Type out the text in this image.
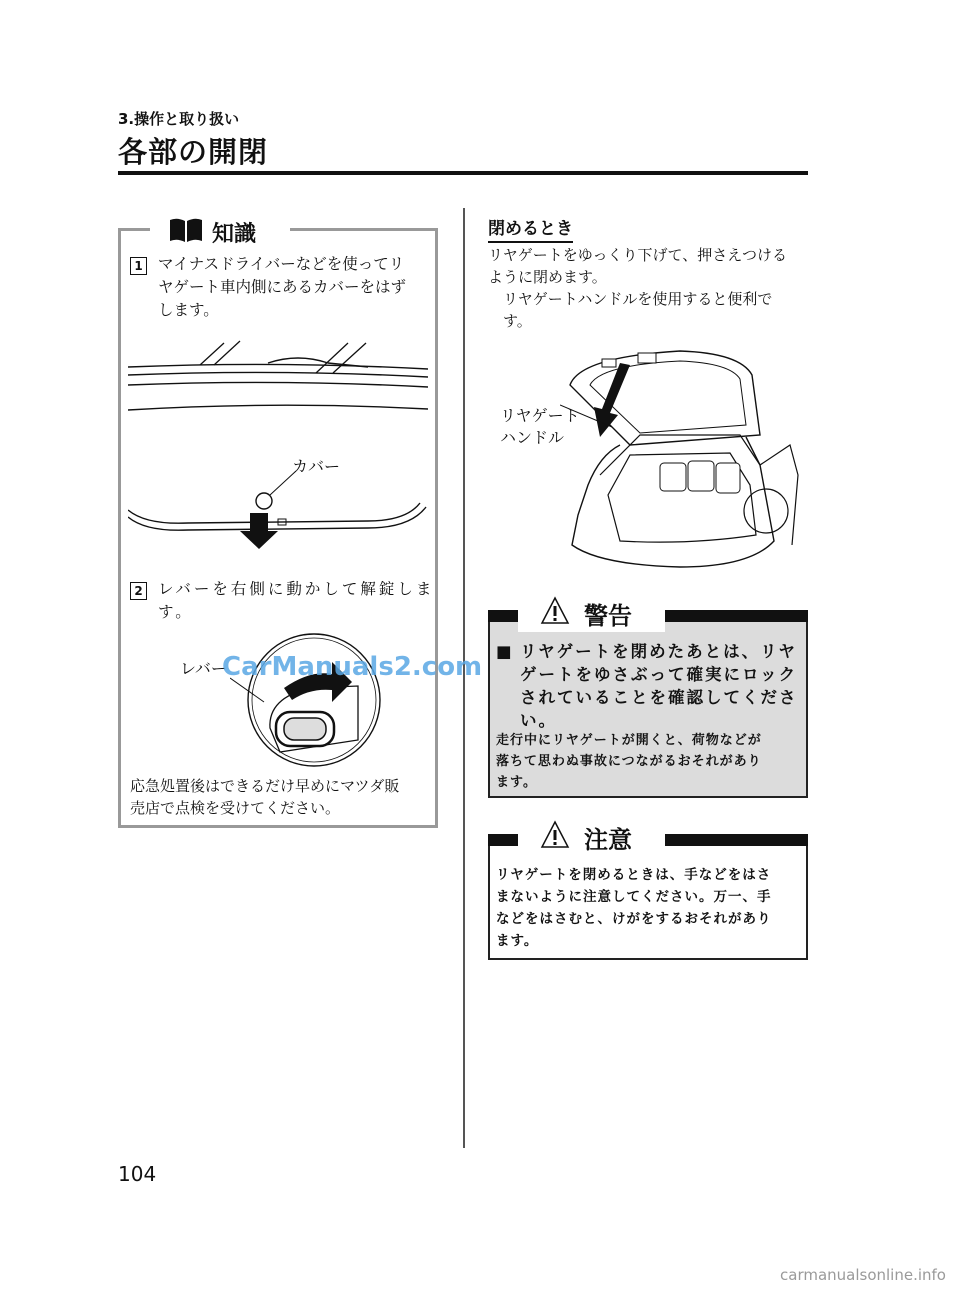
3.操作と取り扱い
各部の開閉
知識
1 マイナスドライバーなどを使ってリ
ヤゲート車内側にあるカバーをはず
します。
カバー
2 レバーを右側に動かして解錠しま
す。
レバー
応急処置後はできるだけ早めにマツダ販
売店で点検を受けてください。
閉めるとき
リヤゲートをゆっくり下げて、押さえつける
ように閉めます。
リヤゲートハンドルを使用すると便利で
す。
リヤゲート
ハンドル
警告
■ リヤゲートを閉めたあとは、リヤ
ゲートをゆさぶって確実にロック
されていることを確認してくださ
い。
走行中にリヤゲートが開くと、荷物などが
落ちて思わぬ事故につながるおそれがあり
ます。
注意
リヤゲートを閉めるときは、手などをはさ
まないように注意してください。万一、手
などをはさむと、けがをするおそれがあり
ます。
104
CarManuals2.com
carmanualsonline.info
